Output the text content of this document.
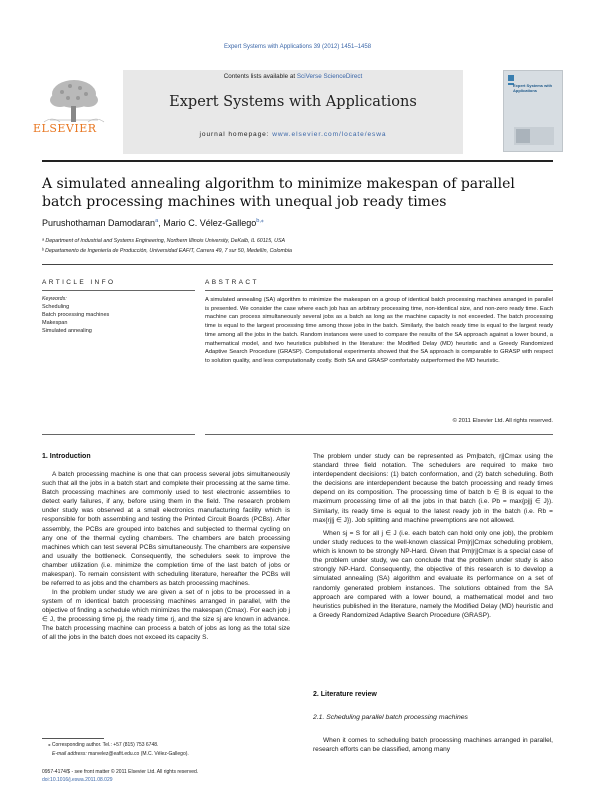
Expert Systems with Applications 39 (2012) 1451–1458
ELSEVIER
Contents lists available at SciVerse ScienceDirect
Expert Systems with Applications
journal homepage: www.elsevier.com/locate/eswa
Expert Systems with Applications
A simulated annealing algorithm to minimize makespan of parallel batch processing machines with unequal job ready times
Purushothaman Damodaran$^a$, Mario C. Vélez-Gallego$^{b,⁎}$
ᵃ Department of Industrial and Systems Engineering, Northern Illinois University, DeKalb, IL 60115, USA
ᵇ Departamento de Ingeniería de Producción, Universidad EAFIT, Carrera 49, 7 sur 50, Medellín, Colombia
ARTICLE INFO	ABSTRACT
Keywords:
Scheduling
Batch processing machines
Makespan
Simulated annealing
A simulated annealing (SA) algorithm to minimize the makespan on a group of identical batch processing machines arranged in parallel is presented. We consider the case where each job has an arbitrary processing time, non-identical size, and non-zero ready time. Each machine can process simultaneously several jobs as a batch as long as the machine capacity is not exceeded. The batch processing time is equal to the largest processing time among those jobs in the batch. Similarly, the batch ready time is equal to the largest ready time among all the jobs in the batch. Random instances were used to compare the results of the SA approach against a lower bound, a mathematical model, and two heuristics published in the literature: the Modified Delay (MD) heuristic and a Greedy Randomized Adaptive Search Procedure (GRASP). Computational experiments showed that the SA approach is comparable to GRASP with respect to solution quality, and less computationally costly. Both SA and GRASP comfortably outperformed the MD heuristic.
© 2011 Elsevier Ltd. All rights reserved.
1. Introduction
A batch processing machine is one that can process several jobs simultaneously such that all the jobs in a batch start and complete their processing at the same time. Batch processing machines are commonly used to test electronic assemblies to detect early failures, if any, before using them in the field. The research problem under study was observed at a small electronics manufacturing facility which is responsible for both assembling and testing the Printed Circuit Boards (PCBs). After assembly, the PCBs are grouped into batches and subjected to thermal cycling on any one of the thermal cycling chambers. The chambers are batch processing machines which can test several PCBs simultaneously. The chambers are expensive and usually the bottleneck. Consequently, the schedulers seek to improve the chamber utilization (i.e. minimize the completion time of the last batch of jobs or makespan). To remain consistent with scheduling literature, hereafter the PCBs will be referred to as jobs and the chambers as batch processing machines.
In the problem under study we are given a set of n jobs to be processed in a system of m identical batch processing machines arranged in parallel, with the objective of finding a schedule which minimizes the makespan (Cmax). For each job j ∈ J, the processing time pj, the ready time rj, and the size sj are known in advance. The batch processing machine can process a batch of jobs as long as the total size of all the jobs in the batch does not exceed its capacity S.
The problem under study can be represented as Pm|batch, rj|Cmax using the standard three field notation. The schedulers are required to make two interdependent decisions: (1) batch conformation, and (2) batch scheduling. Both the decisions are interdependent because the batch processing and ready times depend on its composition. The processing time of batch b ∈ B is equal to the maximum processing time of all the jobs in that batch (i.e. Pb = max{pj|j ∈ J}). Similarly, its ready time is equal to the latest ready job in the batch (i.e. Rb = max{rj|j ∈ J}). Job splitting and machine preemptions are not allowed.
When sj = S for all j ∈ J (i.e. each batch can hold only one job), the problem under study reduces to the well-known classical Pm|rj|Cmax scheduling problem, which is known to be strongly NP-Hard. Given that Pm|rj|Cmax is a special case of the problem under study, we can conclude that the problem under study is also strongly NP-Hard. Consequently, the objective of this research is to develop a simulated annealing (SA) algorithm and evaluate its performance on a set of randomly generated problem instances. The solutions obtained from the SA approach are compared with a lower bound, a mathematical model and two heuristics published in the literature, namely the Modified Delay (MD) heuristic and a Greedy Randomized Adaptive Search Procedure (GRASP).
2. Literature review
2.1. Scheduling parallel batch processing machines
When it comes to scheduling batch processing machines arranged in parallel, research efforts can be classified, among many
⁎ Corresponding author. Tel.: +57 (815) 753 6748.
E-mail address: marvelez@eafit.edu.co (M.C. Vélez-Gallego).
0957-4174/$ - see front matter © 2011 Elsevier Ltd. All rights reserved.
doi:10.1016/j.eswa.2011.08.029
